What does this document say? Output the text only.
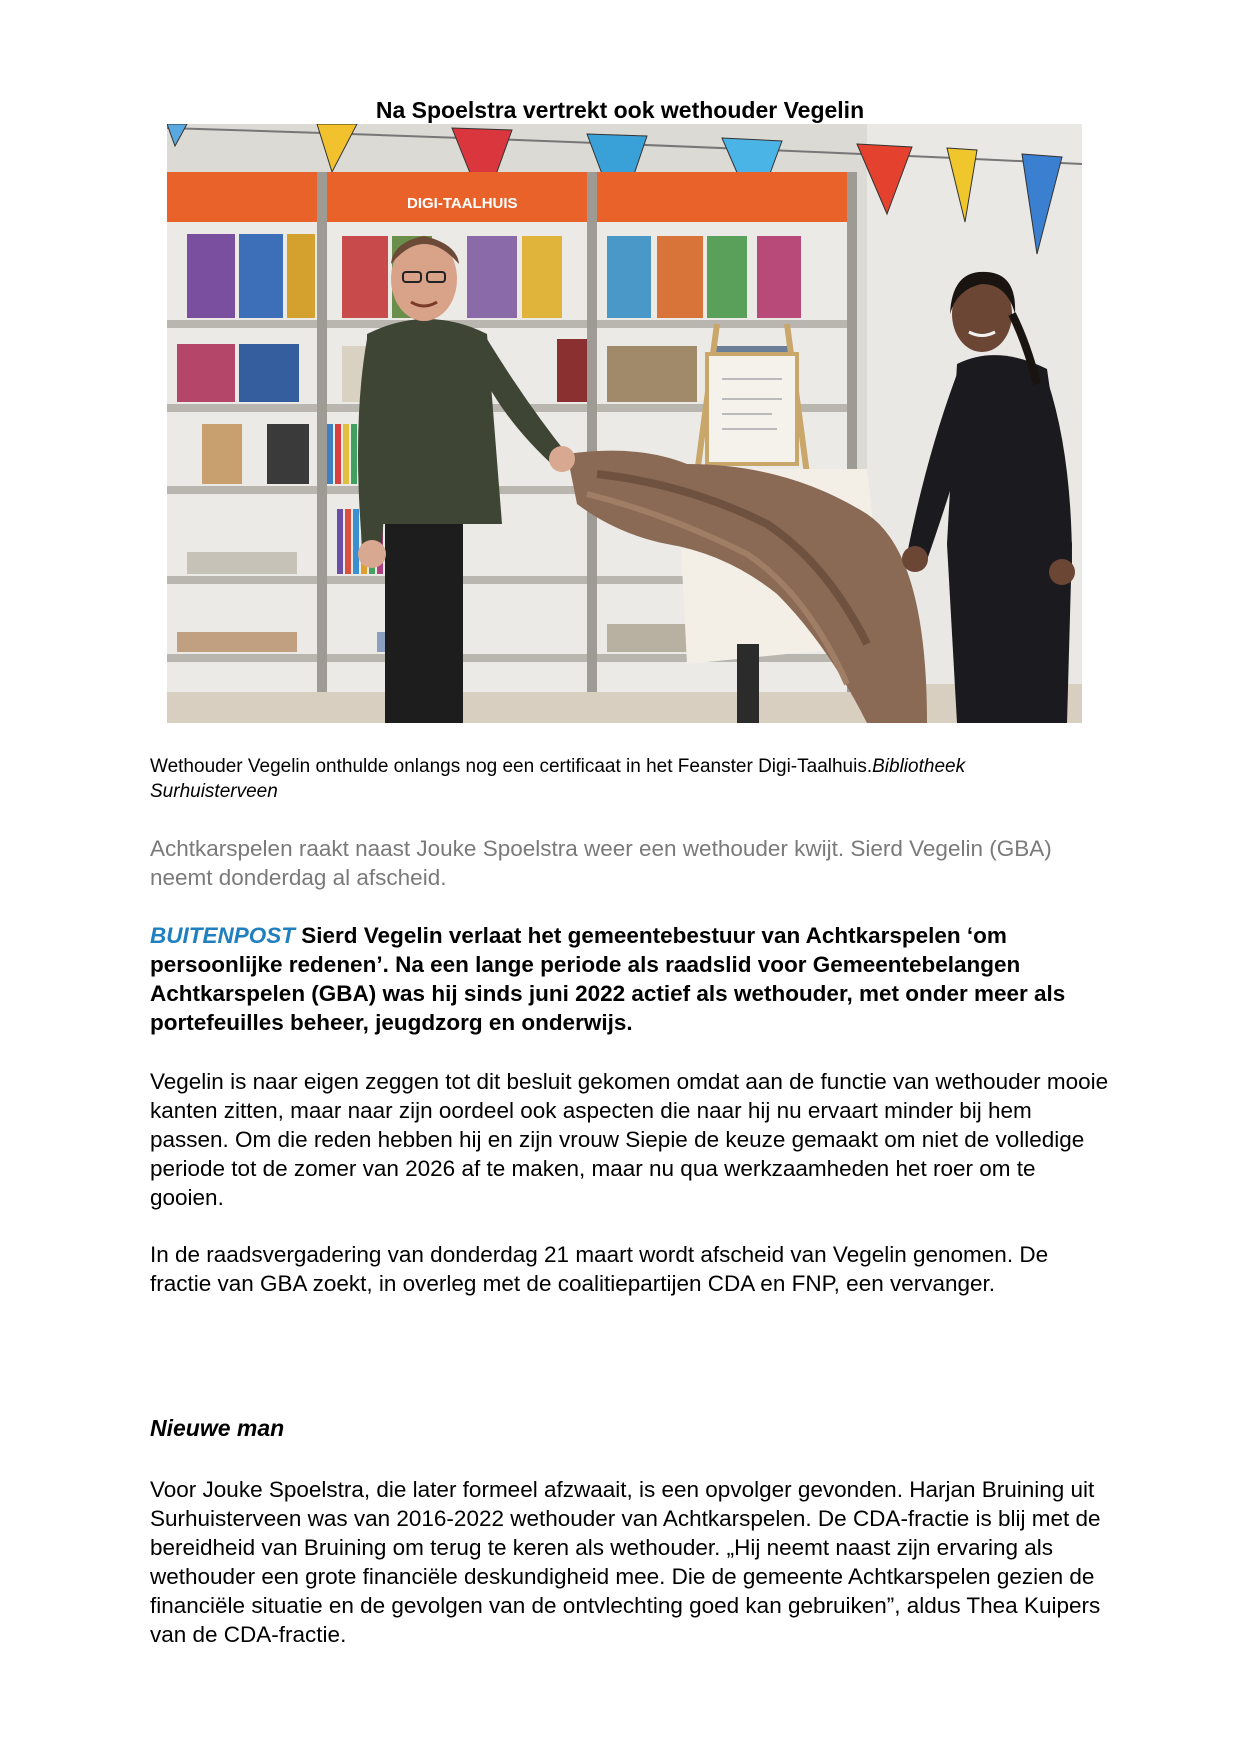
Na Spoelstra vertrekt ook wethouder Vegelin
DIGI-TAALHUIS
Wethouder Vegelin onthulde onlangs nog een certificaat in het Feanster Digi-Taalhuis.Bibliotheek Surhuisterveen
Achtkarspelen raakt naast Jouke Spoelstra weer een wethouder kwijt. Sierd Vegelin (GBA) neemt donderdag al afscheid.
BUITENPOST Sierd Vegelin verlaat het gemeentebestuur van Achtkarspelen ‘om persoonlijke redenen’. Na een lange periode als raadslid voor Gemeentebelangen Achtkarspelen (GBA) was hij sinds juni 2022 actief als wethouder, met onder meer als portefeuilles beheer, jeugdzorg en onderwijs.
Vegelin is naar eigen zeggen tot dit besluit gekomen omdat aan de functie van wethouder mooie kanten zitten, maar naar zijn oordeel ook aspecten die naar hij nu ervaart minder bij hem passen. Om die reden hebben hij en zijn vrouw Siepie de keuze gemaakt om niet de volledige periode tot de zomer van 2026 af te maken, maar nu qua werkzaamheden het roer om te gooien.
In de raadsvergadering van donderdag 21 maart wordt afscheid van Vegelin genomen. De fractie van GBA zoekt, in overleg met de coalitiepartijen CDA en FNP, een vervanger.
Nieuwe man
Voor Jouke Spoelstra, die later formeel afzwaait, is een opvolger gevonden. Harjan Bruining uit Surhuisterveen was van 2016-2022 wethouder van Achtkarspelen. De CDA-fractie is blij met de bereidheid van Bruining om terug te keren als wethouder. „Hij neemt naast zijn ervaring als wethouder een grote financiële deskundigheid mee. Die de gemeente Achtkarspelen gezien de financiële situatie en de gevolgen van de ontvlechting goed kan gebruiken”, aldus Thea Kuipers van de CDA-fractie.
